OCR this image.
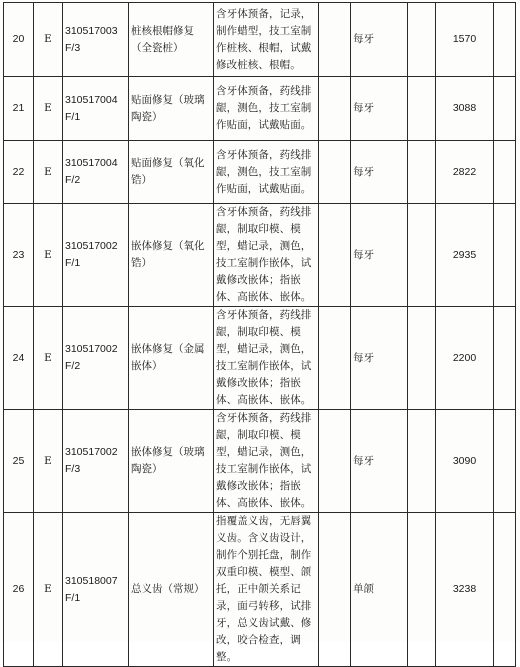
20	E	310517003F/3	桩核根帽修复（全瓷桩）	含牙体预备，记录，制作蜡型，技工室制作桩核、根帽，试戴修改桩核、根帽。		每牙		1570	
21	E	310517004F/1	贴面修复（玻璃陶瓷）	含牙体预备，药线排龈，测色，技工室制作贴面，试戴贴面。		每牙		3088	
22	E	310517004F/2	贴面修复（氧化锆）	含牙体预备，药线排龈，测色，技工室制作贴面，试戴贴面。		每牙		2822	
23	E	310517002F/1	嵌体修复（氧化锆）	含牙体预备，药线排龈，制取印模、模型，蜡记录，测色，技工室制作嵌体，试戴修改嵌体；指嵌体、高嵌体、嵌体。		每牙		2935	
24	E	310517002F/2	嵌体修复（金属嵌体）	含牙体预备，药线排龈，制取印模、模型，蜡记录，测色，技工室制作嵌体，试戴修改嵌体；指嵌体、高嵌体、嵌体。		每牙		2200	
25	E	310517002F/3	嵌体修复（玻璃陶瓷）	含牙体预备，药线排龈，制取印模、模型，蜡记录，测色，技工室制作嵌体，试戴修改嵌体；指嵌体、高嵌体、嵌体。		每牙		3090	
26	E	310518007F/1	总义齿（常规）	指覆盖义齿，无唇翼义齿。含义齿设计，制作个别托盘，制作双重印模、模型、颌托，正中颌关系记录，面弓转移，试排牙，总义齿试戴、修改，咬合检查，调整。		单颌		3238	
